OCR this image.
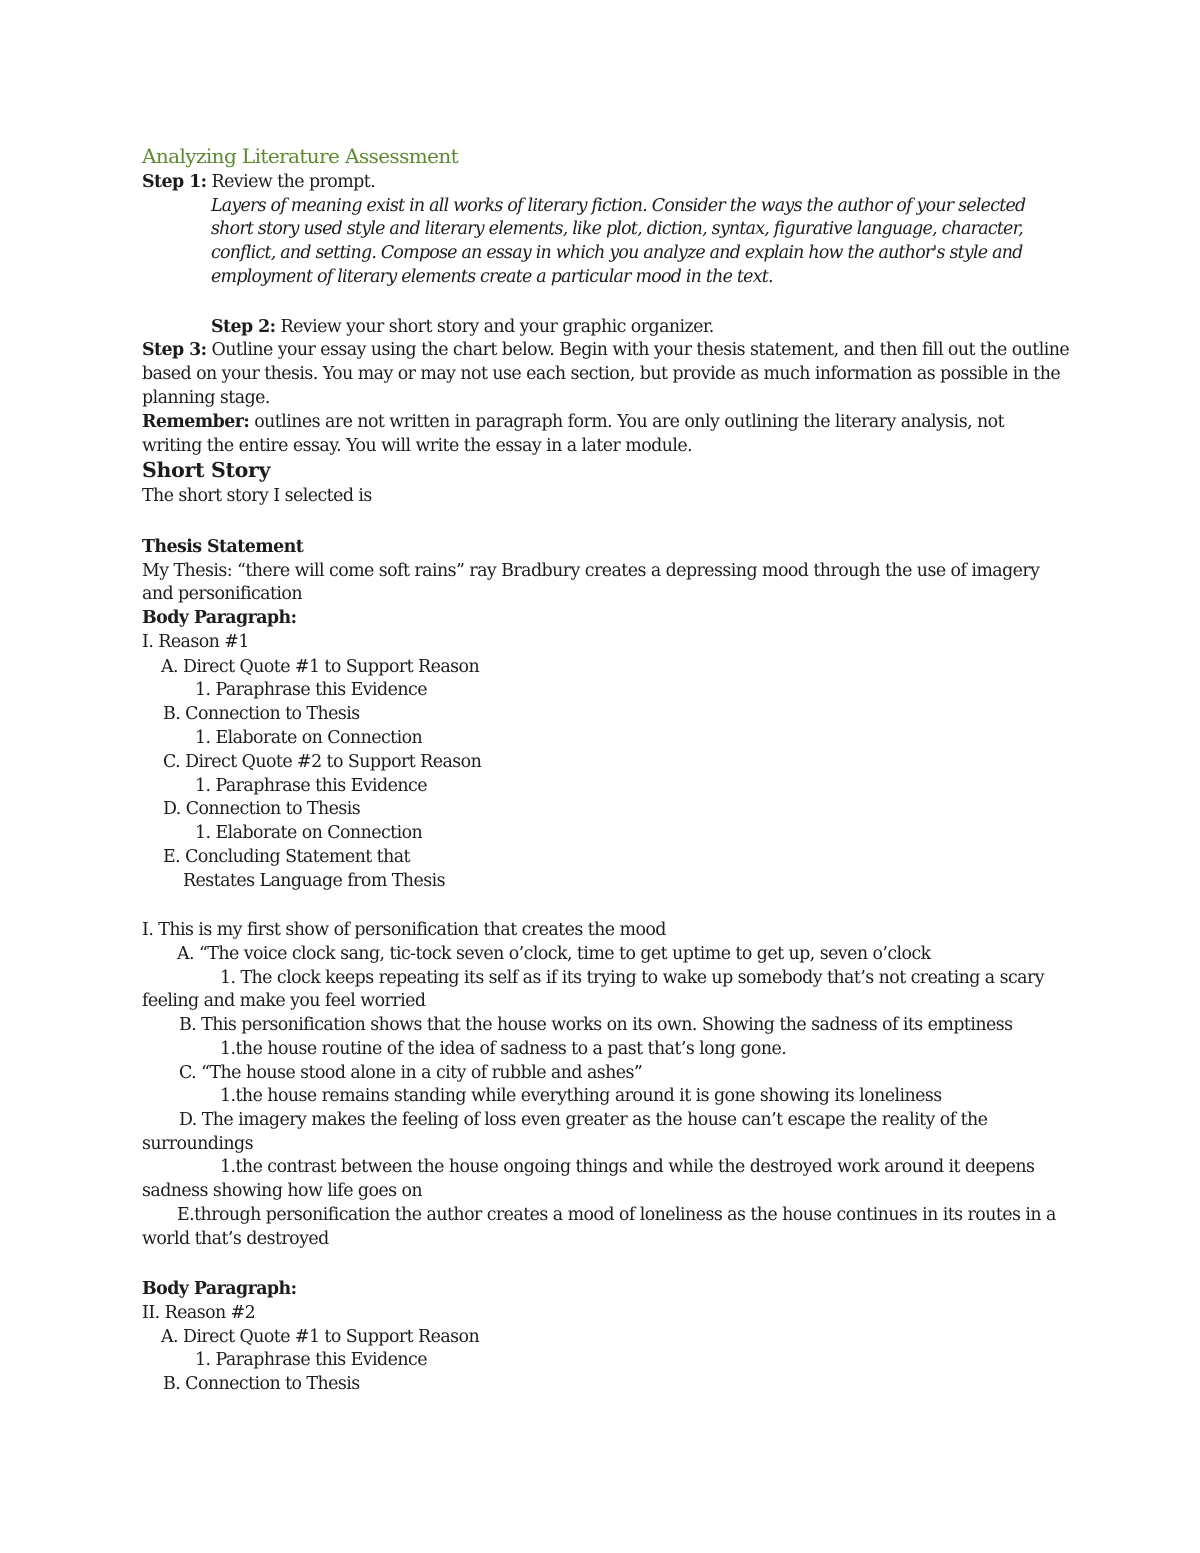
Analyzing Literature Assessment
Step 1: Review the prompt.
Layers of meaning exist in all works of literary fiction. Consider the ways the author of your selected
short story used style and literary elements, like plot, diction, syntax, figurative language, character,
conflict, and setting. Compose an essay in which you analyze and explain how the author's style and
employment of literary elements create a particular mood in the text.
Step 2: Review your short story and your graphic organizer.
Step 3: Outline your essay using the chart below. Begin with your thesis statement, and then fill out the outline
based on your thesis. You may or may not use each section, but provide as much information as possible in the
planning stage.
Remember: outlines are not written in paragraph form. You are only outlining the literary analysis, not
writing the entire essay. You will write the essay in a later module.
Short Story
The short story I selected is
Thesis Statement
My Thesis: “there will come soft rains” ray Bradbury creates a depressing mood through the use of imagery
and personification
Body Paragraph:
I. Reason #1
A. Direct Quote #1 to Support Reason
1. Paraphrase this Evidence
B. Connection to Thesis
1. Elaborate on Connection
C. Direct Quote #2 to Support Reason
1. Paraphrase this Evidence
D. Connection to Thesis
1. Elaborate on Connection
E. Concluding Statement that
Restates Language from Thesis
I. This is my first show of personification that creates the mood
A. “The voice clock sang, tic-tock seven o’clock, time to get uptime to get up, seven o’clock
1. The clock keeps repeating its self as if its trying to wake up somebody that’s not creating a scary
feeling and make you feel worried
B. This personification shows that the house works on its own. Showing the sadness of its emptiness
1.the house routine of the idea of sadness to a past that’s long gone.
C. “The house stood alone in a city of rubble and ashes”
1.the house remains standing while everything around it is gone showing its loneliness
D. The imagery makes the feeling of loss even greater as the house can’t escape the reality of the
surroundings
1.the contrast between the house ongoing things and while the destroyed work around it deepens
sadness showing how life goes on
E.through personification the author creates a mood of loneliness as the house continues in its routes in a
world that’s destroyed
Body Paragraph:
II. Reason #2
A. Direct Quote #1 to Support Reason
1. Paraphrase this Evidence
B. Connection to Thesis
